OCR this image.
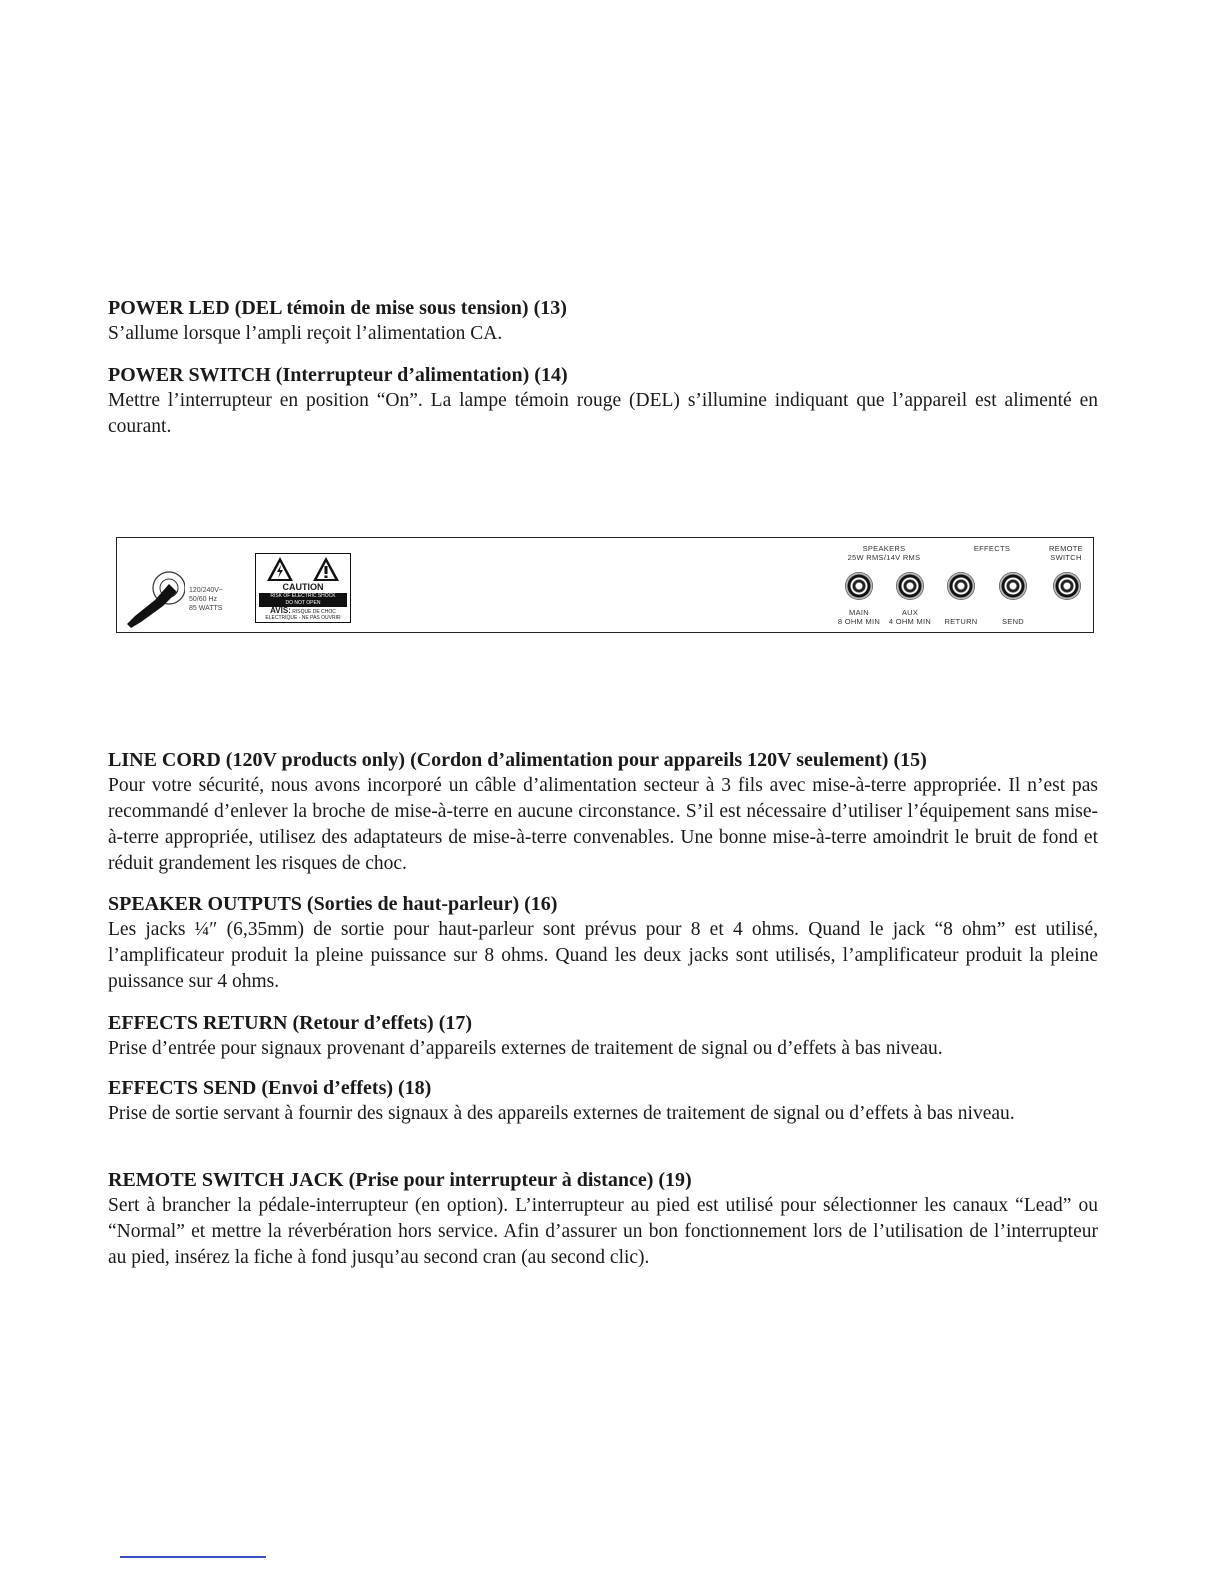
POWER LED (DEL témoin de mise sous tension) (13)

S’allume lorsque l’ampli reçoit l’alimentation CA.

POWER SWITCH (Interrupteur d’alimentation) (14)

Mettre l’interrupteur en position “On”. La lampe témoin rouge (DEL) s’illumine indiquant que l’appareil est alimenté en courant.

120/240V~
50/60 Hz
85 WATTS
CAUTION
RISK OF ELECTRIC SHOCK
DO NOT OPEN
AVIS: RISQUE DE CHOC
ELECTRIQUE - NE PAS OUVRIR
SPEAKERS
25W RMS/14V RMS
EFFECTS	REMOTE
SWITCH
MAIN
8 OHM MIN
AUX
4 OHM MIN	RETURN	SEND

LINE CORD (120V products only) (Cordon d’alimentation pour appareils 120V seulement) (15)

Pour votre sécurité, nous avons incorporé un câble d’alimentation secteur à 3 fils avec mise-à-terre appropriée. Il n’est pas recommandé d’enlever la broche de mise-à-terre en aucune circonstance. S’il est nécessaire d’utiliser l’équipement sans mise-à-terre appropriée, utilisez des adaptateurs de mise-à-terre convenables. Une bonne mise-à-terre amoindrit le bruit de fond et réduit grandement les risques de choc.

SPEAKER OUTPUTS (Sorties de haut-parleur) (16)

Les jacks ¼″ (6,35mm) de sortie pour haut-parleur sont prévus pour 8 et 4 ohms. Quand le jack “8 ohm” est utilisé, l’amplificateur produit la pleine puissance sur 8 ohms. Quand les deux jacks sont utilisés, l’amplificateur produit la pleine puissance sur 4 ohms.

EFFECTS RETURN (Retour d’effets) (17)

Prise d’entrée pour signaux provenant d’appareils externes de traitement de signal ou d’effets à bas niveau.

EFFECTS SEND (Envoi d’effets) (18)

Prise de sortie servant à fournir des signaux à des appareils externes de traitement de signal ou d’effets à bas niveau.

REMOTE SWITCH JACK (Prise pour interrupteur à distance) (19)

Sert à brancher la pédale-interrupteur (en option). L’interrupteur au pied est utilisé pour sélectionner les canaux “Lead” ou “Normal” et mettre la réverbération hors service. Afin d’assurer un bon fonctionnement lors de l’utilisation de l’interrupteur au pied, insérez la fiche à fond jusqu’au second cran (au second clic).
